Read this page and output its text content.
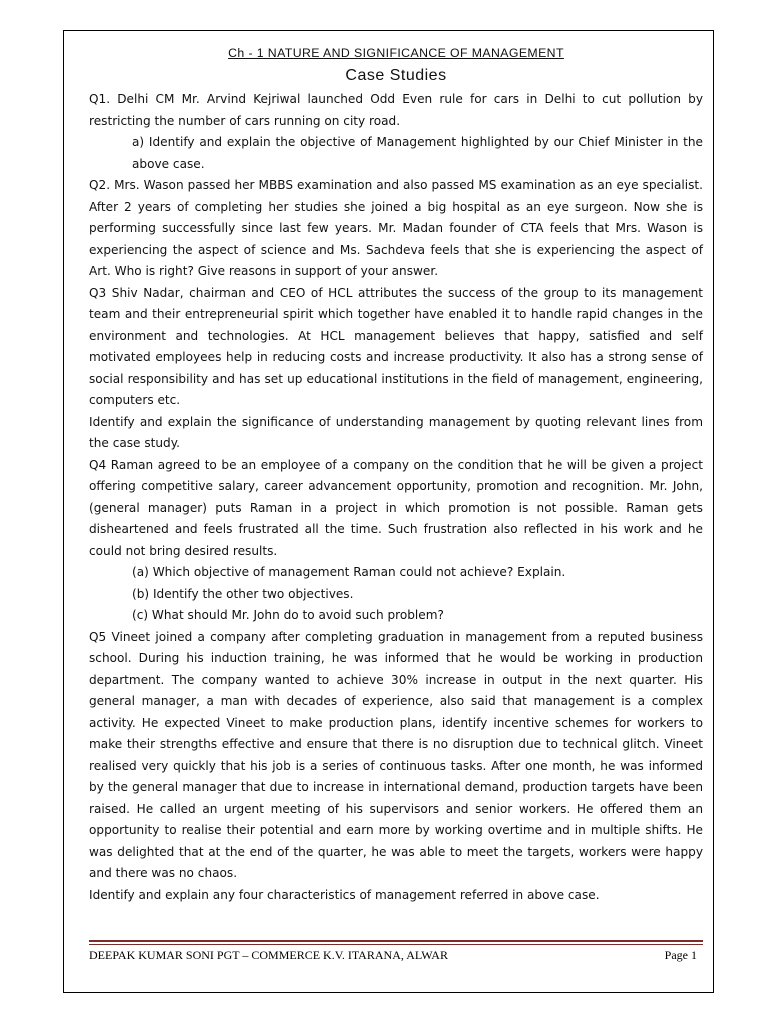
Ch - 1 NATURE AND SIGNIFICANCE OF MANAGEMENT
Case Studies

Q1. Delhi CM Mr. Arvind Kejriwal launched Odd Even rule for cars in Delhi to cut pollution by restricting the number of cars running on city road.

a) Identify and explain the objective of Management highlighted by our Chief Minister in the above case.

Q2. Mrs. Wason passed her MBBS examination and also passed MS examination as an eye specialist. After 2 years of completing her studies she joined a big hospital as an eye surgeon. Now she is performing successfully since last few years. Mr. Madan founder of CTA feels that Mrs. Wason is experiencing the aspect of science and Ms. Sachdeva feels that she is experiencing the aspect of Art. Who is right? Give reasons in support of your answer.

Q3 Shiv Nadar, chairman and CEO of HCL attributes the success of the group to its management team and their entrepreneurial spirit which together have enabled it to handle rapid changes in the environment and technologies. At HCL management believes that happy, satisfied and self motivated employees help in reducing costs and increase productivity. It also has a strong sense of social responsibility and has set up educational institutions in the field of management, engineering, computers etc.

Identify and explain the significance of understanding management by quoting relevant lines from the case study.

Q4 Raman agreed to be an employee of a company on the condition that he will be given a project offering competitive salary, career advancement opportunity, promotion and recognition. Mr. John, (general manager) puts Raman in a project in which promotion is not possible. Raman gets disheartened and feels frustrated all the time. Such frustration also reflected in his work and he could not bring desired results.

(a) Which objective of management Raman could not achieve? Explain.

(b) Identify the other two objectives.

(c) What should Mr. John do to avoid such problem?

Q5 Vineet joined a company after completing graduation in management from a reputed business school. During his induction training, he was informed that he would be working in production department. The company wanted to achieve 30% increase in output in the next quarter. His general manager, a man with decades of experience, also said that management is a complex activity. He expected Vineet to make production plans, identify incentive schemes for workers to make their strengths effective and ensure that there is no disruption due to technical glitch. Vineet realised very quickly that his job is a series of continuous tasks. After one month, he was informed by the general manager that due to increase in international demand, production targets have been raised. He called an urgent meeting of his supervisors and senior workers. He offered them an opportunity to realise their potential and earn more by working overtime and in multiple shifts. He was delighted that at the end of the quarter, he was able to meet the targets, workers were happy and there was no chaos.

Identify and explain any four characteristics of management referred in above case.

DEEPAK KUMAR SONI PGT – COMMERCE K.V. ITARANA, ALWAR	Page 1
